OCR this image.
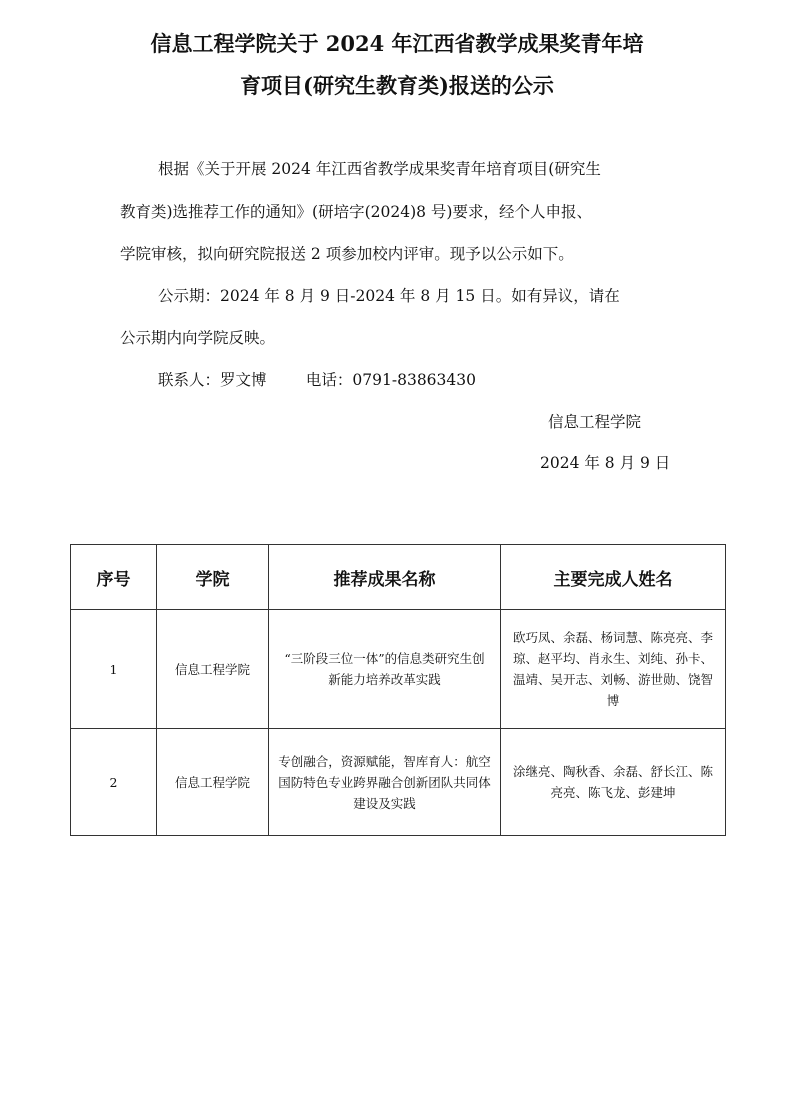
信息工程学院关于 2024 年江西省教学成果奖青年培
育项目(研究生教育类)报送的公示
根据《关于开展 2024 年江西省教学成果奖青年培育项目(研究生
教育类)选推荐工作的通知》(研培字(2024)8 号)要求，经个人申报、
学院审核，拟向研究院报送 2 项参加校内评审。现予以公示如下。
公示期：2024 年 8 月 9 日-2024 年 8 月 15 日。如有异议，请在
公示期内向学院反映。
联系人：罗文博        电话：0791-83863430
信息工程学院
2024 年 8 月 9 日
序号	学院	推荐成果名称	主要完成人姓名
1	信息工程学院	“三阶段三位一体”的信息类研究生创新能力培养改革实践	欧巧凤、余磊、杨词慧、陈亮亮、李琼、赵平均、肖永生、刘纯、孙卡、温靖、吴开志、刘畅、游世勋、饶智博
2	信息工程学院	专创融合，资源赋能，智库育人：航空国防特色专业跨界融合创新团队共同体建设及实践	涂继亮、陶秋香、余磊、舒长江、陈亮亮、陈飞龙、彭建坤
